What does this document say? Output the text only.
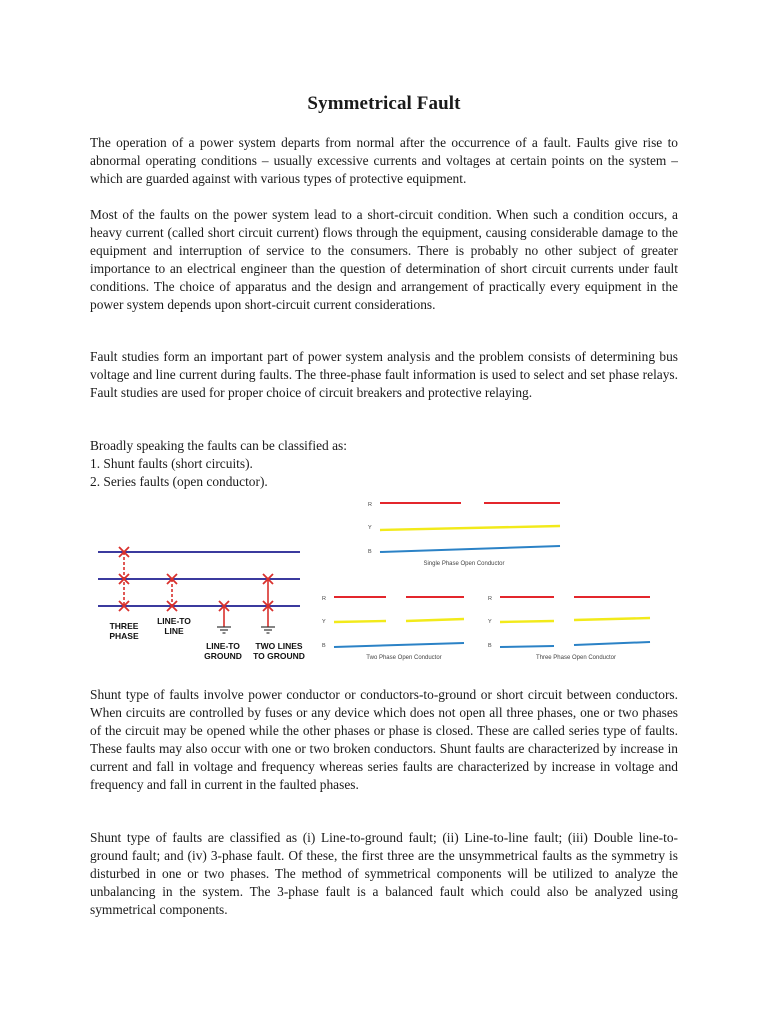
Symmetrical Fault

The operation of a power system departs from normal after the occurrence of a fault. Faults give rise to abnormal operating conditions – usually excessive currents and voltages at certain points on the system – which are guarded against with various types of protective equipment.

Most of the faults on the power system lead to a short-circuit condition. When such a condition occurs, a heavy current (called short circuit current) flows through the equipment, causing considerable damage to the equipment and interruption of service to the consumers. There is probably no other subject of greater importance to an electrical engineer than the question of determination of short circuit currents under fault conditions. The choice of apparatus and the design and arrangement of practically every equipment in the power system depends upon short-circuit current considerations.

Fault studies form an important part of power system analysis and the problem consists of determining bus voltage and line current during faults. The three-phase fault information is used to select and set phase relays. Fault studies are used for proper choice of circuit breakers and protective relaying.

Broadly speaking the faults can be classified as:
1. Shunt faults (short circuits).
2. Series faults (open conductor).
THREE
PHASE
LINE-TO
LINE
LINE-TO
GROUND
TWO LINES
TO GROUND
R
Y
B
Single Phase Open Conductor
R
Y
B
Two Phase Open Conductor
R
Y
B
Three Phase Open Conductor

Shunt type of faults involve power conductor or conductors-to-ground or short circuit between conductors. When circuits are controlled by fuses or any device which does not open all three phases, one or two phases of the circuit may be opened while the other phases or phase is closed. These are called series type of faults. These faults may also occur with one or two broken conductors. Shunt faults are characterized by increase in current and fall in voltage and frequency whereas series faults are characterized by increase in voltage and frequency and fall in current in the faulted phases.

Shunt type of faults are classified as (i) Line-to-ground fault; (ii) Line-to-line fault; (iii) Double line-to-ground fault; and (iv) 3-phase fault. Of these, the first three are the unsymmetrical faults as the symmetry is disturbed in one or two phases. The method of symmetrical components will be utilized to analyze the unbalancing in the system. The 3-phase fault is a balanced fault which could also be analyzed using symmetrical components.
